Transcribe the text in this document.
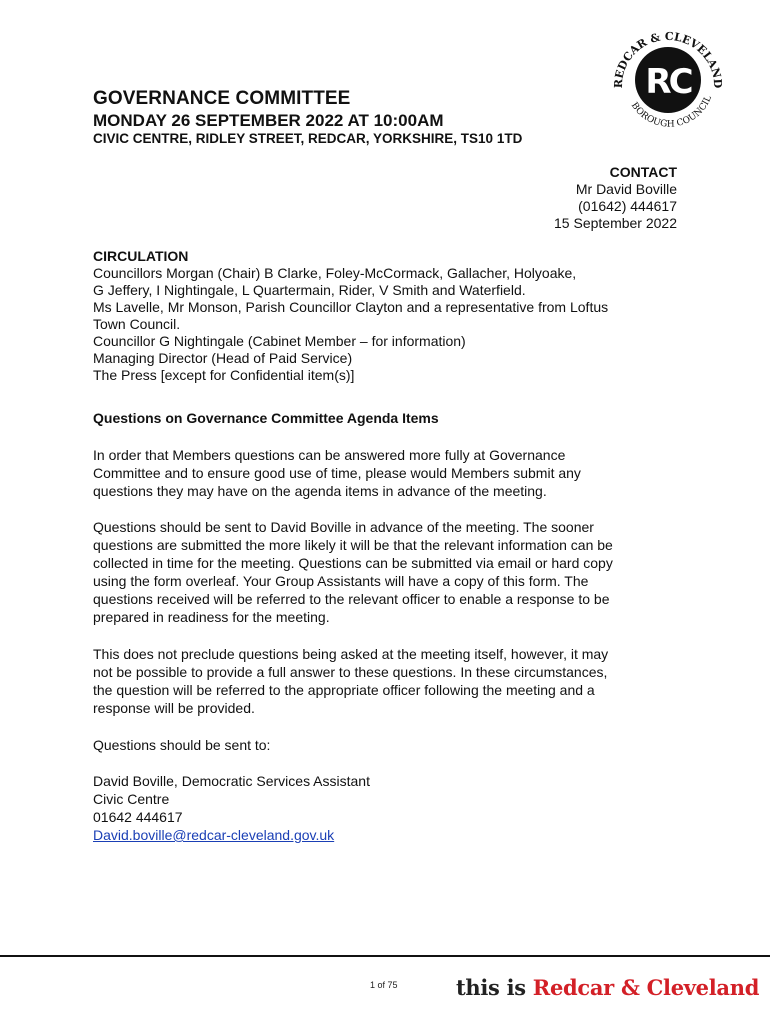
REDCAR & CLEVELAND
BOROUGH COUNCIL
RC
GOVERNANCE COMMITTEE
MONDAY 26 SEPTEMBER 2022 AT 10:00AM
CIVIC CENTRE, RIDLEY STREET, REDCAR, YORKSHIRE, TS10 1TD
CONTACT
Mr David Boville
(01642) 444617
15 September 2022
CIRCULATION
Councillors Morgan (Chair) B Clarke, Foley-McCormack, Gallacher, Holyoake,
G Jeffery, I Nightingale, L Quartermain, Rider, V Smith and Waterfield.
Ms Lavelle, Mr Monson, Parish Councillor Clayton and a representative from Loftus
Town Council.
Councillor G Nightingale (Cabinet Member – for information)
Managing Director (Head of Paid Service)
The Press [except for Confidential item(s)]
Questions on Governance Committee Agenda Items
In order that Members questions can be answered more fully at Governance
Committee and to ensure good use of time, please would Members submit any
questions they may have on the agenda items in advance of the meeting.
Questions should be sent to David Boville in advance of the meeting. The sooner
questions are submitted the more likely it will be that the relevant information can be
collected in time for the meeting. Questions can be submitted via email or hard copy
using the form overleaf. Your Group Assistants will have a copy of this form. The
questions received will be referred to the relevant officer to enable a response to be
prepared in readiness for the meeting.
This does not preclude questions being asked at the meeting itself, however, it may
not be possible to provide a full answer to these questions. In these circumstances,
the question will be referred to the appropriate officer following the meeting and a
response will be provided.
Questions should be sent to:
David Boville, Democratic Services Assistant
Civic Centre
01642 444617
David.boville@redcar-cleveland.gov.uk
1 of 75	this is Redcar & Cleveland
